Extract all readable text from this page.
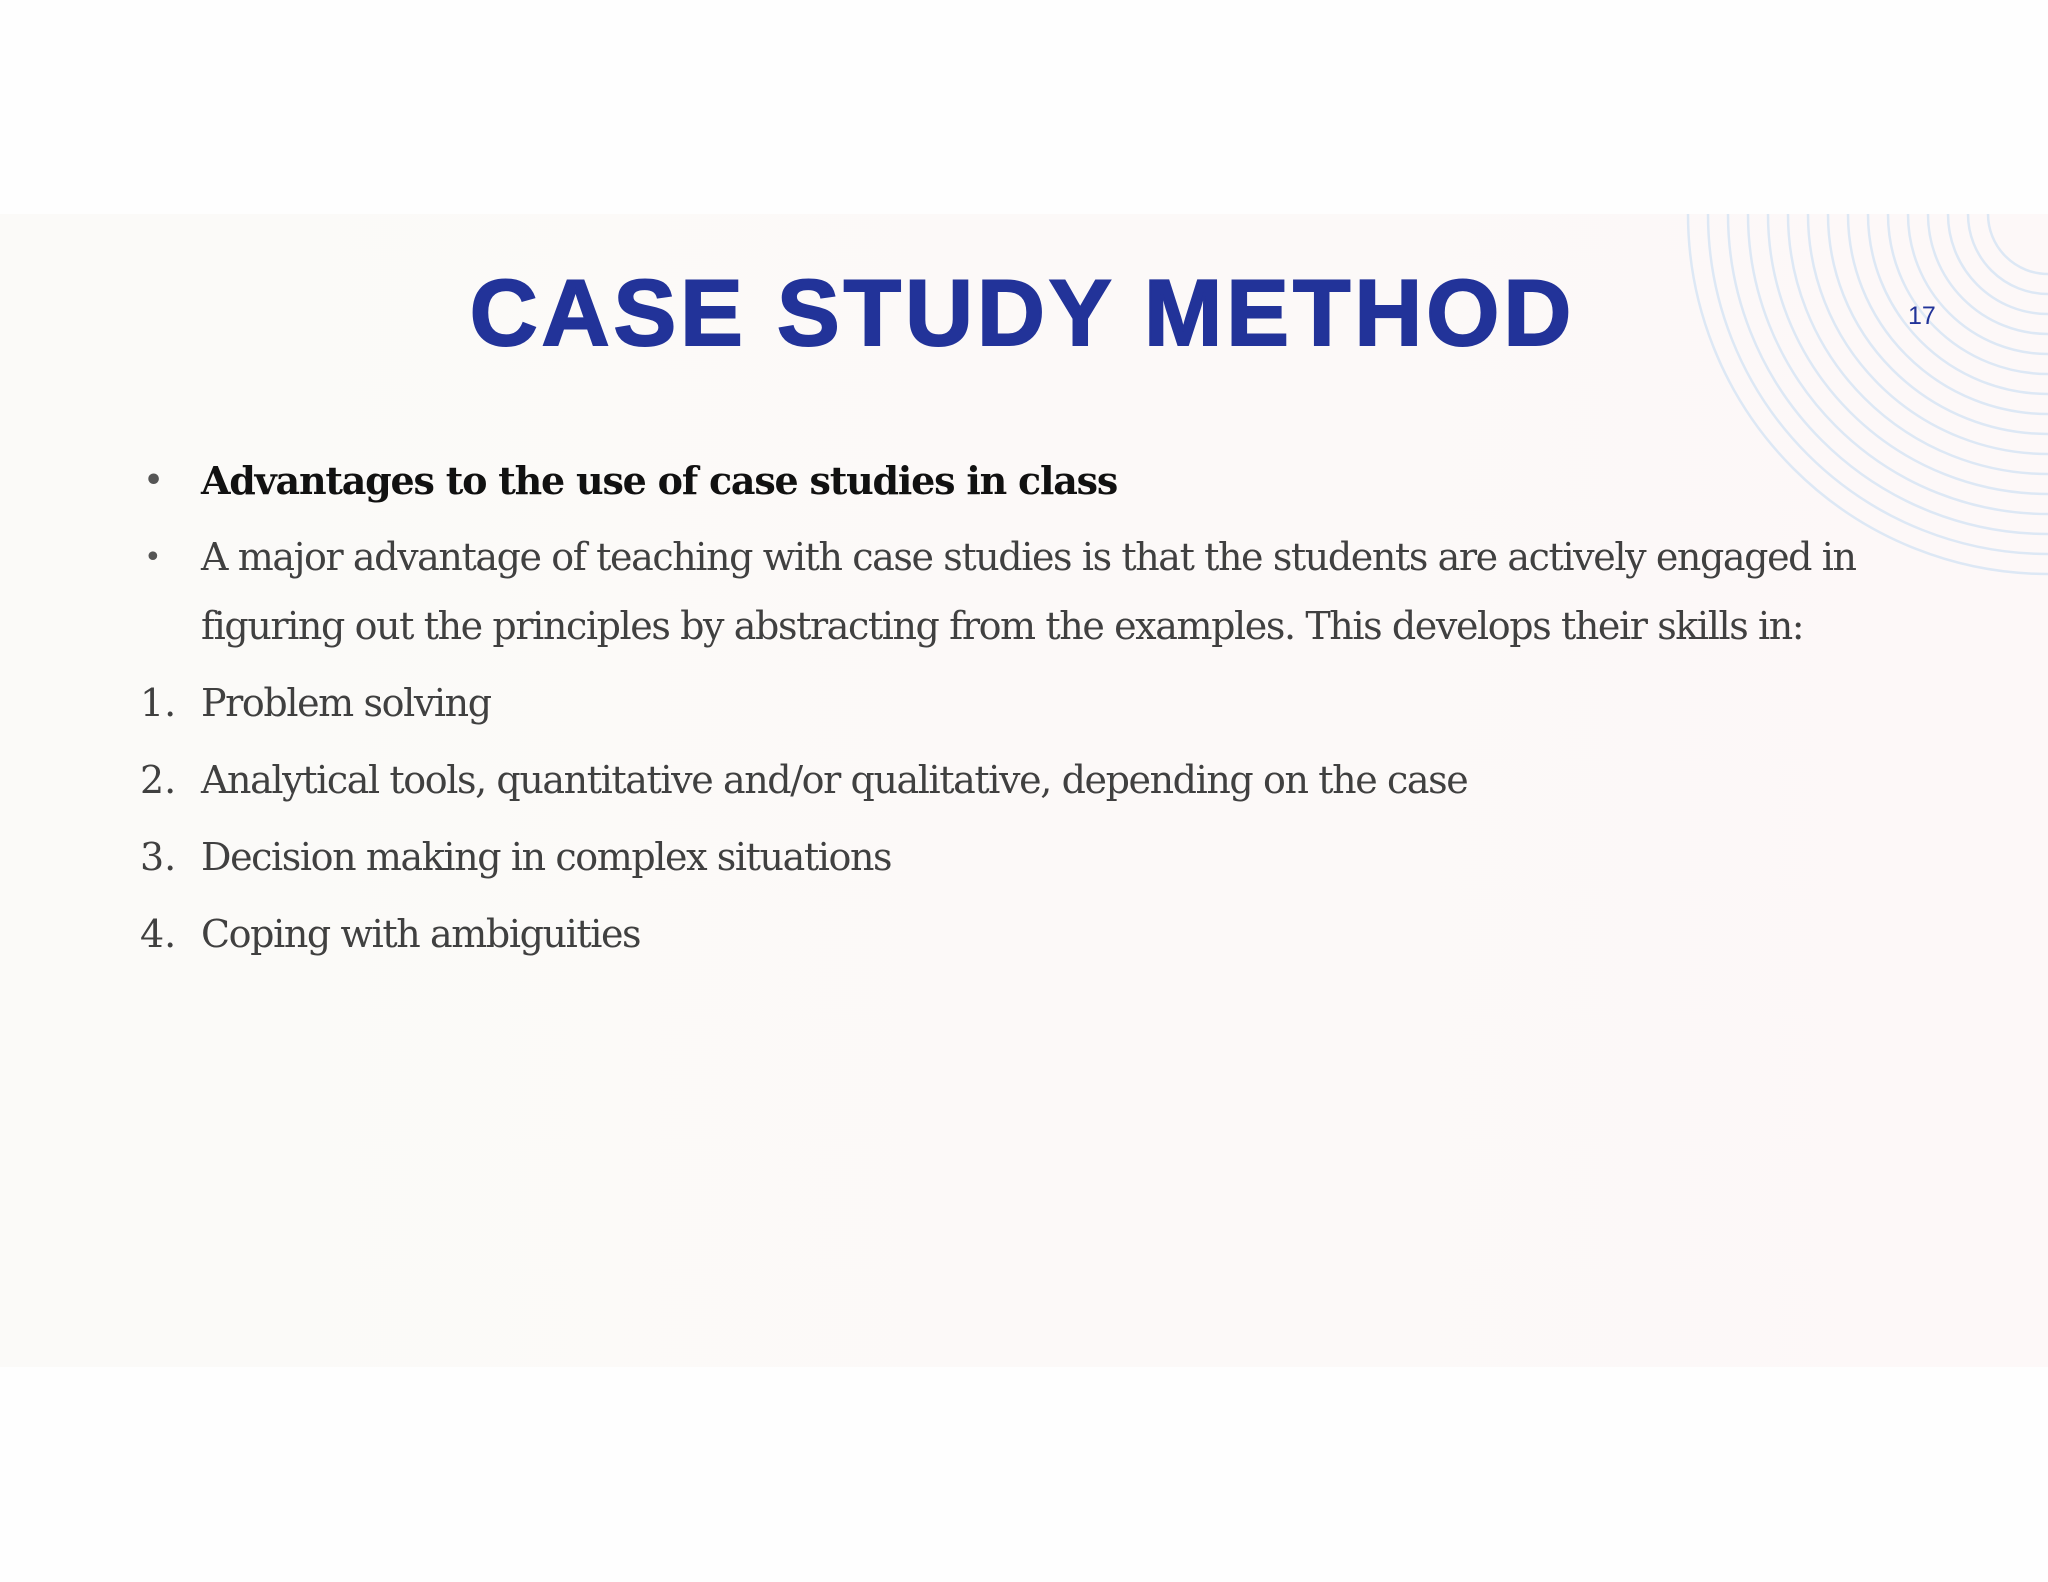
CASE STUDY METHOD	17
• Advantages to the use of case studies in class
•	A major advantage of teaching with case studies is that the students are actively engaged in figuring out the principles by abstracting from the examples. This develops their skills in:
1. Problem solving
2. Analytical tools, quantitative and/or qualitative, depending on the case
3. Decision making in complex situations
4. Coping with ambiguities
